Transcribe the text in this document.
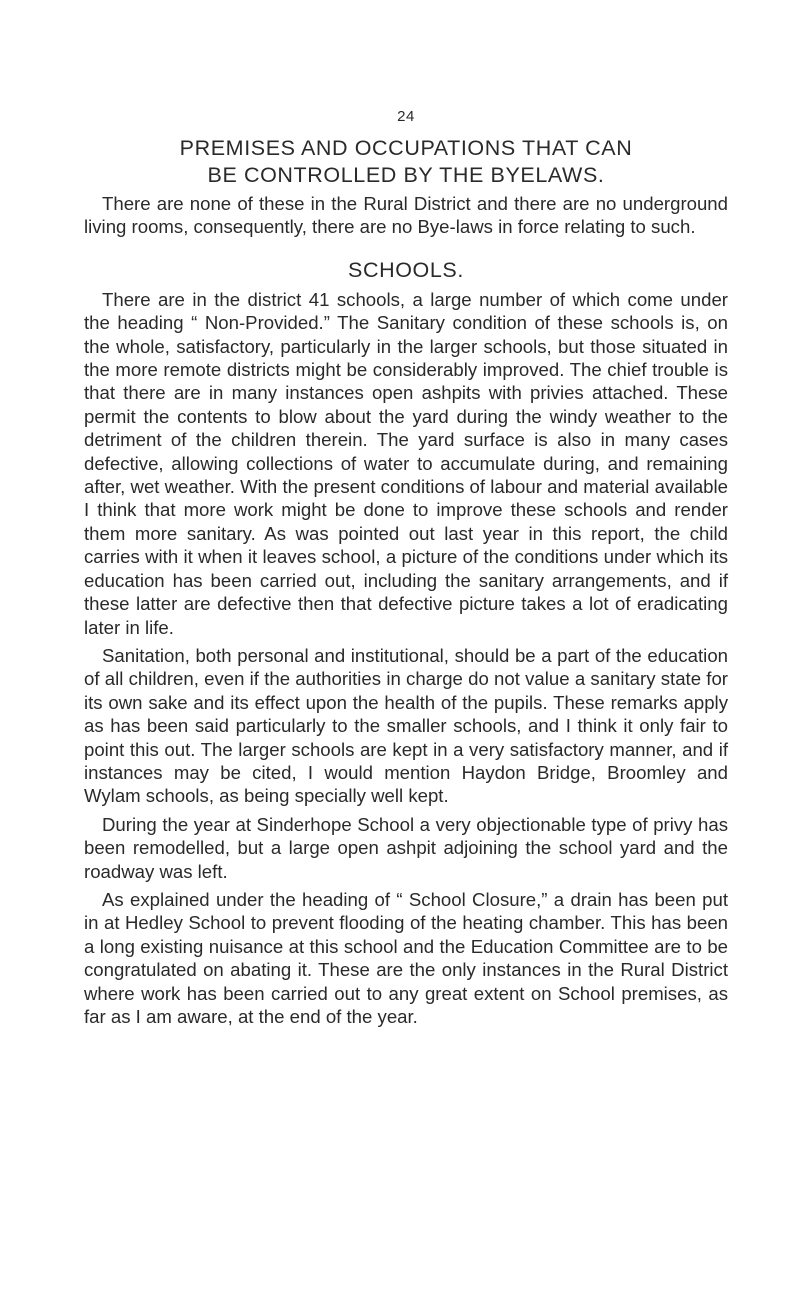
24
PREMISES AND OCCUPATIONS THAT CAN
BE CONTROLLED BY THE BYELAWS.

There are none of these in the Rural District and there are no underground living rooms, consequently, there are no Bye-laws in force relating to such.

SCHOOLS.

There are in the district 41 schools, a large number of which come under the heading “ Non-Provided.” The Sanitary condition of these schools is, on the whole, satisfactory, particularly in the larger schools, but those situated in the more remote districts might be considerably improved. The chief trouble is that there are in many instances open ashpits with privies attached. These permit the contents to blow about the yard during the windy weather to the detriment of the children therein. The yard surface is also in many cases defective, allowing collections of water to accumulate during, and remaining after, wet weather. With the present conditions of labour and material available I think that more work might be done to improve these schools and render them more sanitary. As was pointed out last year in this report, the child carries with it when it leaves school, a picture of the conditions under which its education has been carried out, including the sanitary arrangements, and if these latter are defective then that defective picture takes a lot of eradicating later in life.

Sanitation, both personal and institutional, should be a part of the education of all children, even if the authorities in charge do not value a sanitary state for its own sake and its effect upon the health of the pupils. These remarks apply as has been said particularly to the smaller schools, and I think it only fair to point this out. The larger schools are kept in a very satisfactory manner, and if instances may be cited, I would mention Haydon Bridge, Broomley and Wylam schools, as being specially well kept.

During the year at Sinderhope School a very objectionable type of privy has been remodelled, but a large open ashpit adjoining the school yard and the roadway was left.

As explained under the heading of “ School Closure,” a drain has been put in at Hedley School to prevent flooding of the heating chamber. This has been a long existing nuisance at this school and the Education Committee are to be congratulated on abating it. These are the only instances in the Rural District where work has been carried out to any great extent on School premises, as far as I am aware, at the end of the year.
